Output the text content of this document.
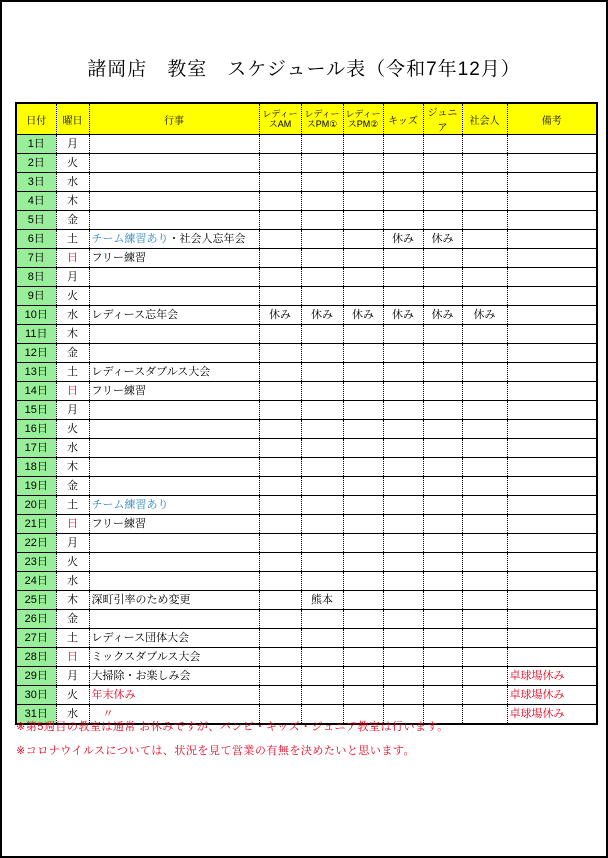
諸岡店　教室　スケジュール表（令和7年12月）
日付	曜日	行事	レディースAM	レディースPM①	レディースPM②	キッズ	ジュニア	社会人	備考
1日	月								
2日	火								
3日	水								
4日	木								
5日	金								
6日	土	チーム練習あり・社会人忘年会				休み	休み		
7日	日	フリー練習							
8日	月								
9日	火								
10日	水	レディース忘年会	休み	休み	休み	休み	休み	休み	
11日	木								
12日	金								
13日	土	レディースダブルス大会							
14日	日	フリー練習							
15日	月								
16日	火								
17日	水								
18日	木								
19日	金								
20日	土	チーム練習あり							
21日	日	フリー練習							
22日	月								
23日	火								
24日	水								
25日	木	深町引率のため変更		熊本					
26日	金								
27日	土	レディース団体大会							
28日	日	ミックスダブルス大会							
29日	月	大掃除・お楽しみ会							卓球場休み
30日	火	年末休み							卓球場休み
31日	水	　〃							卓球場休み
※第5週目の教室は通常 お休みですが、バンビ・キッズ・ジュニア教室は行います。
※コロナウイルスについては、状況を見て営業の有無を決めたいと思います。
